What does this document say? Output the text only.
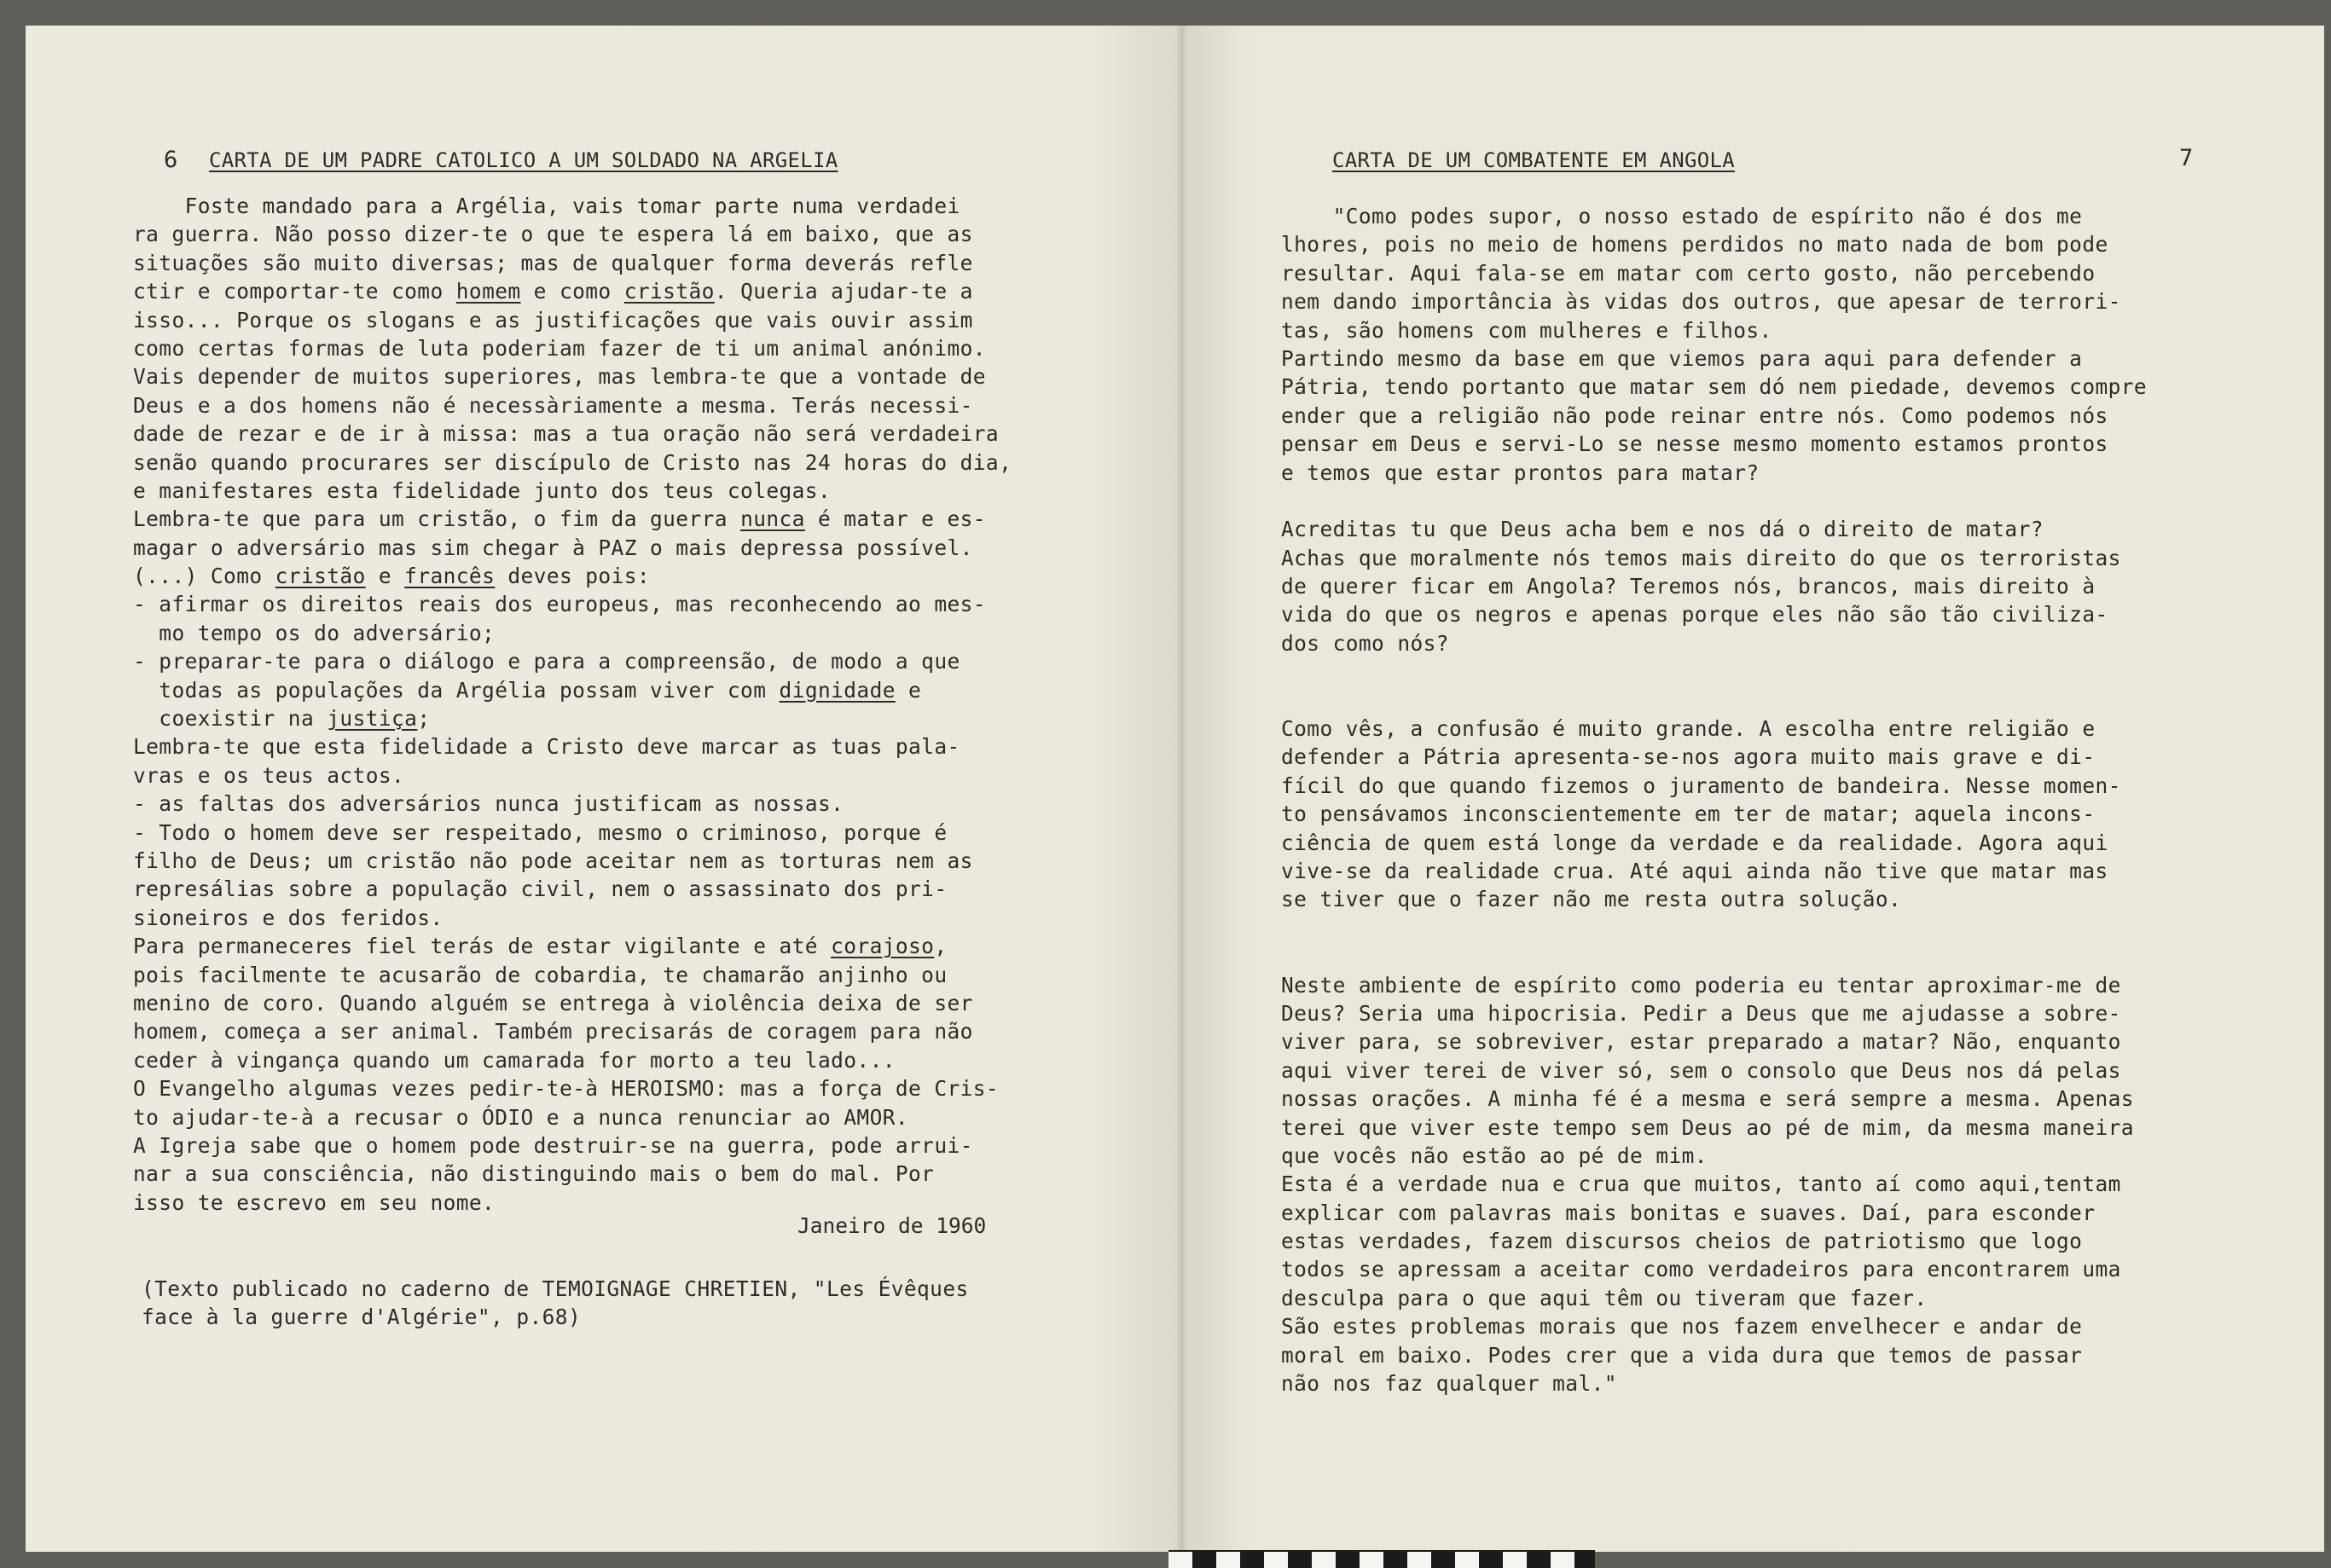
6 CARTA DE UM PADRE CATOLICO A UM SOLDADO NA ARGELIA
Foste mandado para a Argélia, vais tomar parte numa verdadei
ra guerra. Não posso dizer-te o que te espera lá em baixo, que as
situações são muito diversas; mas de qualquer forma deverás refle
ctir e comportar-te como homem e como cristão. Queria ajudar-te a
isso... Porque os slogans e as justificações que vais ouvir assim
como certas formas de luta poderiam fazer de ti um animal anónimo.
Vais depender de muitos superiores, mas lembra-te que a vontade de
Deus e a dos homens não é necessàriamente a mesma. Terás necessi-
dade de rezar e de ir à missa: mas a tua oração não será verdadeira
senão quando procurares ser discípulo de Cristo nas 24 horas do dia,
e manifestares esta fidelidade junto dos teus colegas.
Lembra-te que para um cristão, o fim da guerra nunca é matar e es-
magar o adversário mas sim chegar à PAZ o mais depressa possível.
(...) Como cristão e francês deves pois:
- afirmar os direitos reais dos europeus, mas reconhecendo ao mes-
mo tempo os do adversário;
- preparar-te para o diálogo e para a compreensão, de modo a que
todas as populações da Argélia possam viver com dignidade e
coexistir na justiça;
Lembra-te que esta fidelidade a Cristo deve marcar as tuas pala-
vras e os teus actos.
- as faltas dos adversários nunca justificam as nossas.
- Todo o homem deve ser respeitado, mesmo o criminoso, porque é
filho de Deus; um cristão não pode aceitar nem as torturas nem as
represálias sobre a população civil, nem o assassinato dos pri-
sioneiros e dos feridos.
Para permaneceres fiel terás de estar vigilante e até corajoso,
pois facilmente te acusarão de cobardia, te chamarão anjinho ou
menino de coro. Quando alguém se entrega à violência deixa de ser
homem, começa a ser animal. Também precisarás de coragem para não
ceder à vingança quando um camarada for morto a teu lado...
O Evangelho algumas vezes pedir-te-à HEROISMO: mas a força de Cris-
to ajudar-te-à a recusar o ÓDIO e a nunca renunciar ao AMOR.
A Igreja sabe que o homem pode destruir-se na guerra, pode arrui-
nar a sua consciência, não distinguindo mais o bem do mal. Por
isso te escrevo em seu nome.
Janeiro de 1960
(Texto publicado no caderno de TEMOIGNAGE CHRETIEN, "Les Évêques
face à la guerre d'Algérie", p.68)
CARTA DE UM COMBATENTE EM ANGOLA	7
"Como podes supor, o nosso estado de espírito não é dos me
lhores, pois no meio de homens perdidos no mato nada de bom pode
resultar. Aqui fala-se em matar com certo gosto, não percebendo
nem dando importância às vidas dos outros, que apesar de terrori-
tas, são homens com mulheres e filhos.
Partindo mesmo da base em que viemos para aqui para defender a
Pátria, tendo portanto que matar sem dó nem piedade, devemos compre
ender que a religião não pode reinar entre nós. Como podemos nós
pensar em Deus e servi-Lo se nesse mesmo momento estamos prontos
e temos que estar prontos para matar?
Acreditas tu que Deus acha bem e nos dá o direito de matar?
Achas que moralmente nós temos mais direito do que os terroristas
de querer ficar em Angola? Teremos nós, brancos, mais direito à
vida do que os negros e apenas porque eles não são tão civiliza-
dos como nós?
Como vês, a confusão é muito grande. A escolha entre religião e
defender a Pátria apresenta-se-nos agora muito mais grave e di-
fícil do que quando fizemos o juramento de bandeira. Nesse momen-
to pensávamos inconscientemente em ter de matar; aquela incons-
ciência de quem está longe da verdade e da realidade. Agora aqui
vive-se da realidade crua. Até aqui ainda não tive que matar mas
se tiver que o fazer não me resta outra solução.
Neste ambiente de espírito como poderia eu tentar aproximar-me de
Deus? Seria uma hipocrisia. Pedir a Deus que me ajudasse a sobre-
viver para, se sobreviver, estar preparado a matar? Não, enquanto
aqui viver terei de viver só, sem o consolo que Deus nos dá pelas
nossas orações. A minha fé é a mesma e será sempre a mesma. Apenas
terei que viver este tempo sem Deus ao pé de mim, da mesma maneira
que vocês não estão ao pé de mim.
Esta é a verdade nua e crua que muitos, tanto aí como aqui,tentam
explicar com palavras mais bonitas e suaves. Daí, para esconder
estas verdades, fazem discursos cheios de patriotismo que logo
todos se apressam a aceitar como verdadeiros para encontrarem uma
desculpa para o que aqui têm ou tiveram que fazer.
São estes problemas morais que nos fazem envelhecer e andar de
moral em baixo. Podes crer que a vida dura que temos de passar
não nos faz qualquer mal."
